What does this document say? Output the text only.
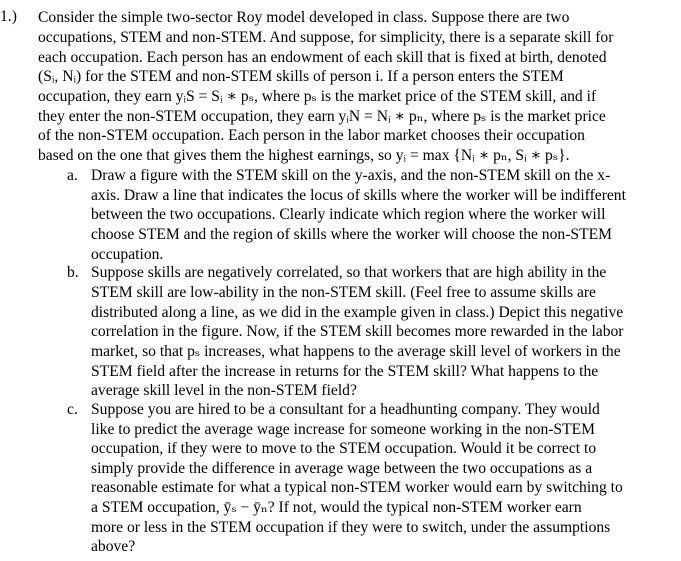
1.) Consider the simple two-sector Roy model developed in class. Suppose there are two
occupations, STEM and non-STEM. And suppose, for simplicity, there is a separate skill for
each occupation. Each person has an endowment of each skill that is fixed at birth, denoted
(Sᵢ, Nᵢ) for the STEM and non-STEM skills of person i. If a person enters the STEM
occupation, they earn yᵢS = Sᵢ ∗ pₛ, where pₛ is the market price of the STEM skill, and if
they enter the non-STEM occupation, they earn yᵢN = Nᵢ ∗ pₙ, where pₛ is the market price
of the non-STEM occupation. Each person in the labor market chooses their occupation
based on the one that gives them the highest earnings, so yᵢ = max {Nᵢ ∗ pₙ, Sᵢ ∗ pₛ}.
a. Draw a figure with the STEM skill on the y-axis, and the non-STEM skill on the x-
axis. Draw a line that indicates the locus of skills where the worker will be indifferent
between the two occupations. Clearly indicate which region where the worker will
choose STEM and the region of skills where the worker will choose the non-STEM
occupation.
b. Suppose skills are negatively correlated, so that workers that are high ability in the
STEM skill are low-ability in the non-STEM skill. (Feel free to assume skills are
distributed along a line, as we did in the example given in class.) Depict this negative
correlation in the figure. Now, if the STEM skill becomes more rewarded in the labor
market, so that pₛ increases, what happens to the average skill level of workers in the
STEM field after the increase in returns for the STEM skill? What happens to the
average skill level in the non-STEM field?
c. Suppose you are hired to be a consultant for a headhunting company. They would
like to predict the average wage increase for someone working in the non-STEM
occupation, if they were to move to the STEM occupation. Would it be correct to
simply provide the difference in average wage between the two occupations as a
reasonable estimate for what a typical non-STEM worker would earn by switching to
a STEM occupation, ȳₛ − ȳₙ? If not, would the typical non-STEM worker earn
more or less in the STEM occupation if they were to switch, under the assumptions
above?
